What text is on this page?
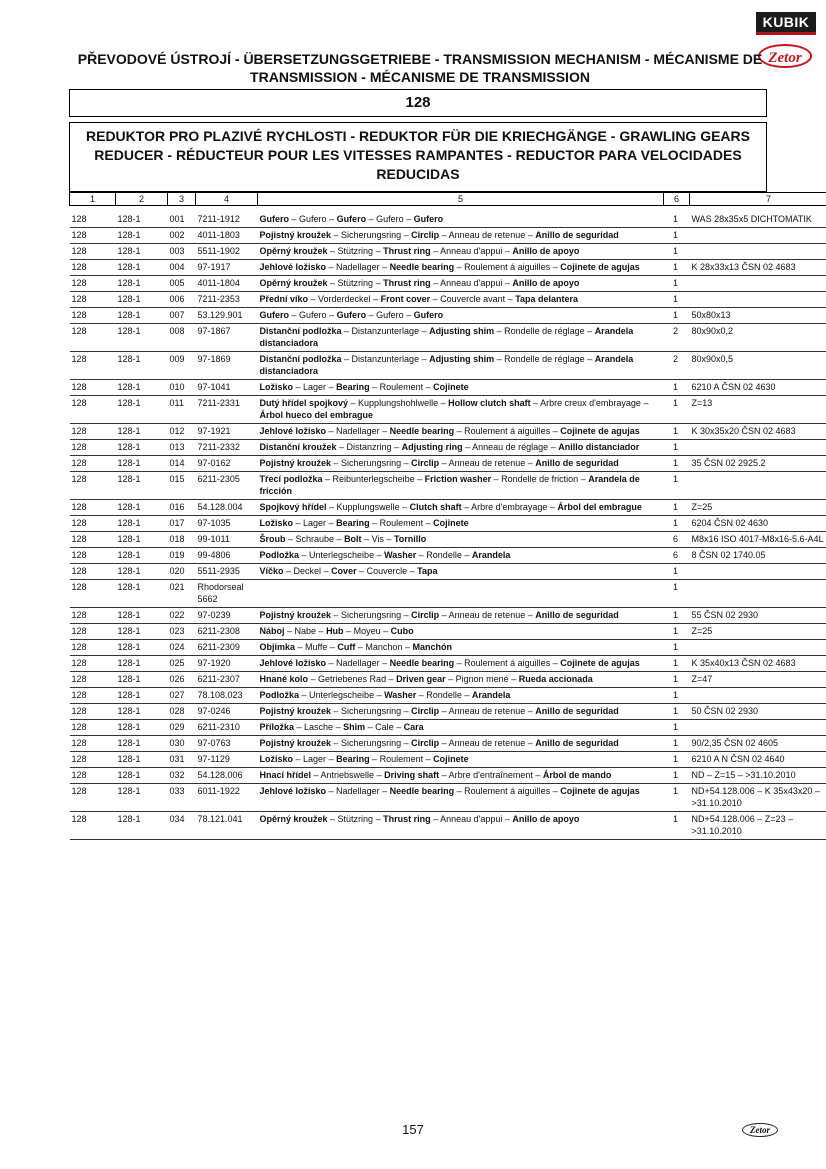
KUBIK
Zetor
PŘEVODOVÉ ÚSTROJÍ - ÜBERSETZUNGSGETRIEBE - TRANSMISSION MECHANISM - MÉCANISME DE
TRANSMISSION - MÉCANISME DE TRANSMISSION
128
REDUKTOR PRO PLAZIVÉ RYCHLOSTI - REDUKTOR FÜR DIE KRIECHGÄNGE - GRAWLING GEARS REDUCER - RÉDUCTEUR POUR LES VITESSES RAMPANTES - REDUCTOR PARA VELOCIDADES REDUCIDAS
1	2	3	4	5	6	7
128	128-1	001	7211-1912	Gufero – Gufero – Gufero – Gufero – Gufero	1	WAS 28x35x5 DICHTOMATIK
128	128-1	002	4011-1803	Pojistný kroužek – Sicherungsring – Circlip – Anneau de retenue – Anillo de seguridad	1	
128	128-1	003	5511-1902	Opěrný kroužek – Stützring – Thrust ring – Anneau d'appui – Anillo de apoyo	1	
128	128-1	004	97-1917	Jehlové ložisko – Nadellager – Needle bearing – Roulement á aiguilles – Cojinete de agujas	1	K 28x33x13 ČSN 02 4683
128	128-1	005	4011-1804	Opěrný kroužek – Stützring – Thrust ring – Anneau d'appui – Anillo de apoyo	1	
128	128-1	006	7211-2353	Přední víko – Vorderdeckel – Front cover – Couvercle avant – Tapa delantera	1	
128	128-1	007	53.129.901	Gufero – Gufero – Gufero – Gufero – Gufero	1	50x80x13
128	128-1	008	97-1867	Distanční podložka – Distanzunterlage – Adjusting shim – Rondelle de réglage – Arandela distanciadora	2	80x90x0,2
128	128-1	009	97-1869	Distanční podložka – Distanzunterlage – Adjusting shim – Rondelle de réglage – Arandela distanciadora	2	80x90x0,5
128	128-1	010	97-1041	Ložisko – Lager – Bearing – Roulement – Cojinete	1	6210 A ČSN 02 4630
128	128-1	011	7211-2331	Dutý hřídel spojkový – Kupplungshohlwelle – Hollow clutch shaft – Arbre creux d'embrayage – Árbol hueco del embrague	1	Z=13
128	128-1	012	97-1921	Jehlové ložisko – Nadellager – Needle bearing – Roulement á aiguilles – Cojinete de agujas	1	K 30x35x20 ČSN 02 4683
128	128-1	013	7211-2332	Distanční kroužek – Distanzring – Adjusting ring – Anneau de réglage – Anillo distanciador	1	
128	128-1	014	97-0162	Pojistný kroužek – Sicherungsring – Circlip – Anneau de retenue – Anillo de seguridad	1	35 ČSN 02 2925.2
128	128-1	015	6211-2305	Třecí podložka – Reibunterlegscheibe – Friction washer – Rondelle de friction – Arandela de fricción	1	
128	128-1	016	54.128.004	Spojkový hřídel – Kupplungswelle – Clutch shaft – Arbre d'embrayage – Árbol del embrague	1	Z=25
128	128-1	017	97-1035	Ložisko – Lager – Bearing – Roulement – Cojinete	1	6204 ČSN 02 4630
128	128-1	018	99-1011	Šroub – Schraube – Bolt – Vis – Tornillo	6	M8x16 ISO 4017-M8x16-5.6-A4L
128	128-1	019	99-4806	Podložka – Unterlegscheibe – Washer – Rondelle – Arandela	6	8 ČSN 02 1740.05
128	128-1	020	5511-2935	Víčko – Deckel – Cover – Couvercle – Tapa	1	
128	128-1	021	Rhodorseal 5662		1	
128	128-1	022	97-0239	Pojistný kroužek – Sicherungsring – Circlip – Anneau de retenue – Anillo de seguridad	1	55 ČSN 02 2930
128	128-1	023	6211-2308	Náboj – Nabe – Hub – Moyeu – Cubo	1	Z=25
128	128-1	024	6211-2309	Objímka – Muffe – Cuff – Manchon – Manchón	1	
128	128-1	025	97-1920	Jehlové ložisko – Nadellager – Needle bearing – Roulement á aiguilles – Cojinete de agujas	1	K 35x40x13 ČSN 02 4683
128	128-1	026	6211-2307	Hnané kolo – Getriebenes Rad – Driven gear – Pignon mené – Rueda accionada	1	Z=47
128	128-1	027	78.108.023	Podložka – Unterlegscheibe – Washer – Rondelle – Arandela	1	
128	128-1	028	97-0246	Pojistný kroužek – Sicherungsring – Circlip – Anneau de retenue – Anillo de seguridad	1	50 ČSN 02 2930
128	128-1	029	6211-2310	Příložka – Lasche – Shim – Cale – Cara	1	
128	128-1	030	97-0763	Pojistný kroužek – Sicherungsring – Circlip – Anneau de retenue – Anillo de seguridad	1	90/2,35 ČSN 02 4605
128	128-1	031	97-1129	Ložisko – Lager – Bearing – Roulement – Cojinete	1	6210 A N ČSN 02 4640
128	128-1	032	54.128.006	Hnací hřídel – Antriebswelle – Driving shaft – Arbre d'entraînement – Árbol de mando	1	ND – Z=15 – >31.10.2010
128	128-1	033	6011-1922	Jehlové ložisko – Nadellager – Needle bearing – Roulement á aiguilles – Cojinete de agujas	1	ND+54.128.006 – K 35x43x20 – >31.10.2010
128	128-1	034	78.121.041	Opěrný kroužek – Stützring – Thrust ring – Anneau d'appui – Anillo de apoyo	1	ND+54.128.006 – Z=23 – >31.10.2010
157	Zetor
